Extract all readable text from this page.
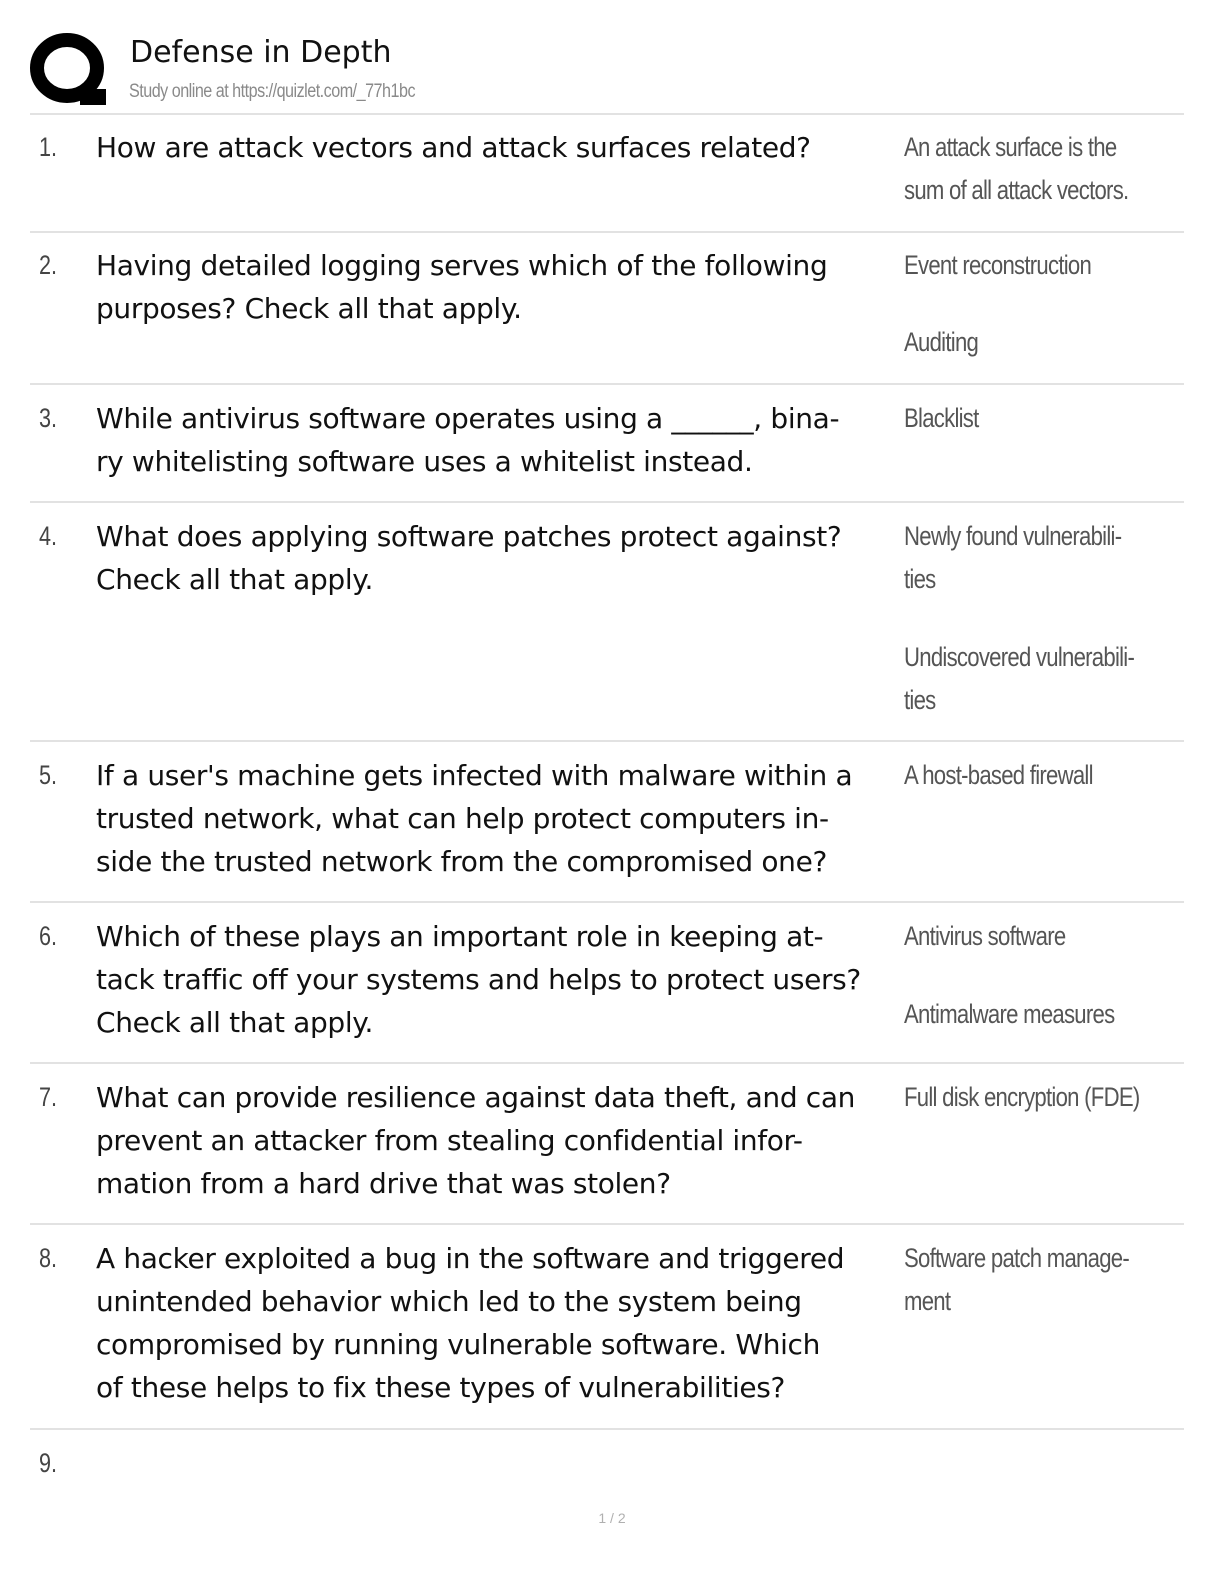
Defense in Depth
Study online at https://quizlet.com/_77h1bc
1. How are attack vectors and attack surfaces related?	An attack surface is the
sum of all attack vectors.
2. Having detailed logging serves which of the following
purposes? Check all that apply.
Event reconstruction
Auditing
3. While antivirus software operates using a ______, bina-
ry whitelisting software uses a whitelist instead.
Blacklist
4. What does applying software patches protect against?
Check all that apply.
Newly found vulnerabili-
ties
Undiscovered vulnerabili-
ties
5. If a user's machine gets infected with malware within a
trusted network, what can help protect computers in-
side the trusted network from the compromised one?
A host-based firewall
6. Which of these plays an important role in keeping at-
tack traffic off your systems and helps to protect users?
Check all that apply.
Antivirus software
Antimalware measures
7. What can provide resilience against data theft, and can
prevent an attacker from stealing confidential infor-
mation from a hard drive that was stolen?
Full disk encryption (FDE)
8. A hacker exploited a bug in the software and triggered
unintended behavior which led to the system being
compromised by running vulnerable software. Which
of these helps to fix these types of vulnerabilities?
Software patch manage-
ment
9.
1 / 2
